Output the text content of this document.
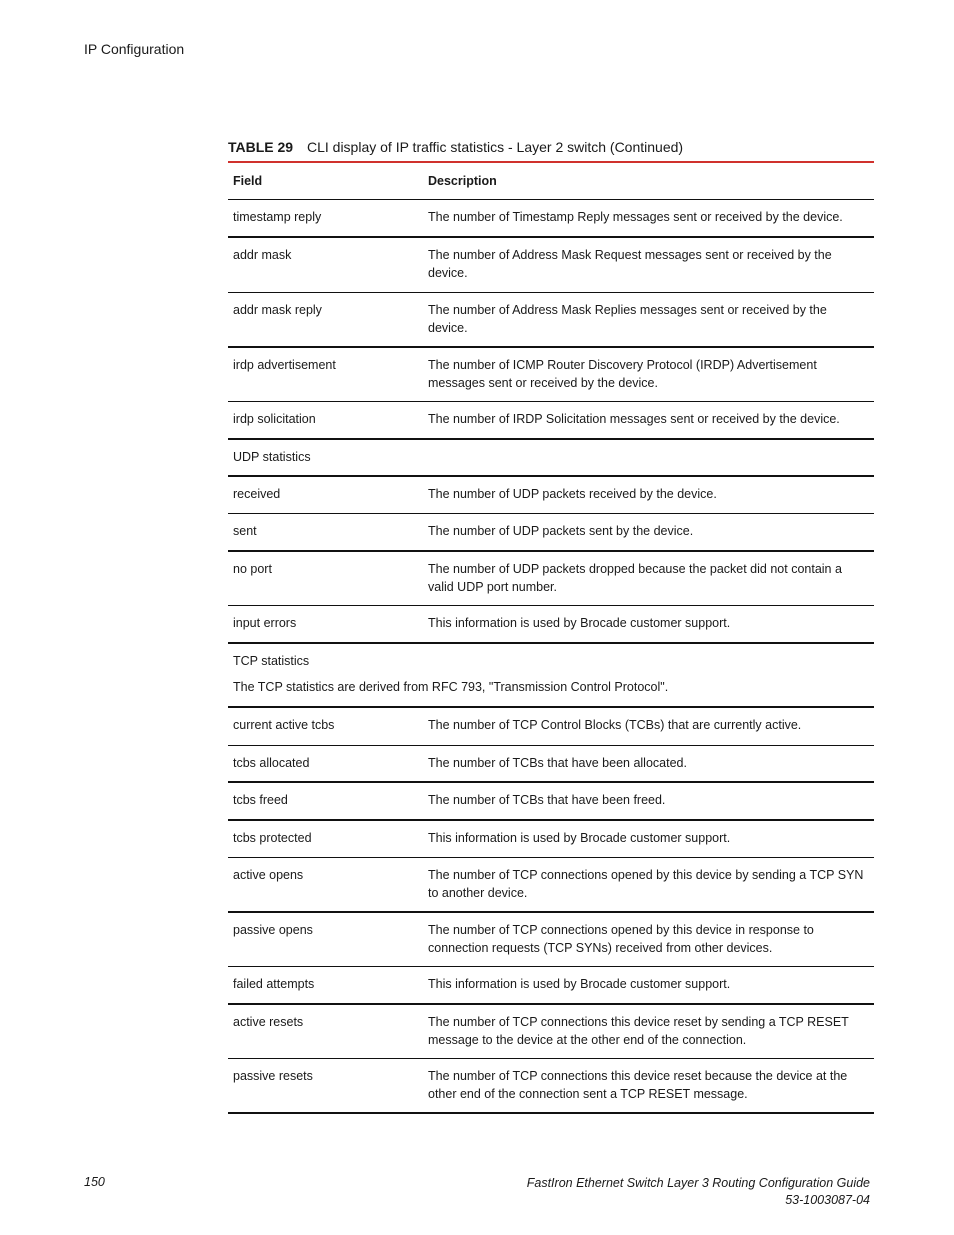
IP Configuration
TABLE 29 CLI display of IP traffic statistics - Layer 2 switch (Continued)
Field	Description
timestamp reply	The number of Timestamp Reply messages sent or received by the device.
addr mask	The number of Address Mask Request messages sent or received by the device.
addr mask reply	The number of Address Mask Replies messages sent or received by the device.
irdp advertisement	The number of ICMP Router Discovery Protocol (IRDP) Advertisement messages sent or received by the device.
irdp solicitation	The number of IRDP Solicitation messages sent or received by the device.
UDP statistics
received	The number of UDP packets received by the device.
sent	The number of UDP packets sent by the device.
no port	The number of UDP packets dropped because the packet did not contain a valid UDP port number.
input errors	This information is used by Brocade customer support.
TCP statistics
The TCP statistics are derived from RFC 793, "Transmission Control Protocol".
current active tcbs	The number of TCP Control Blocks (TCBs) that are currently active.
tcbs allocated	The number of TCBs that have been allocated.
tcbs freed	The number of TCBs that have been freed.
tcbs protected	This information is used by Brocade customer support.
active opens	The number of TCP connections opened by this device by sending a TCP SYN to another device.
passive opens	The number of TCP connections opened by this device in response to connection requests (TCP SYNs) received from other devices.
failed attempts	This information is used by Brocade customer support.
active resets	The number of TCP connections this device reset by sending a TCP RESET message to the device at the other end of the connection.
passive resets	The number of TCP connections this device reset because the device at the other end of the connection sent a TCP RESET message.
150	FastIron Ethernet Switch Layer 3 Routing Configuration Guide
53-1003087-04
